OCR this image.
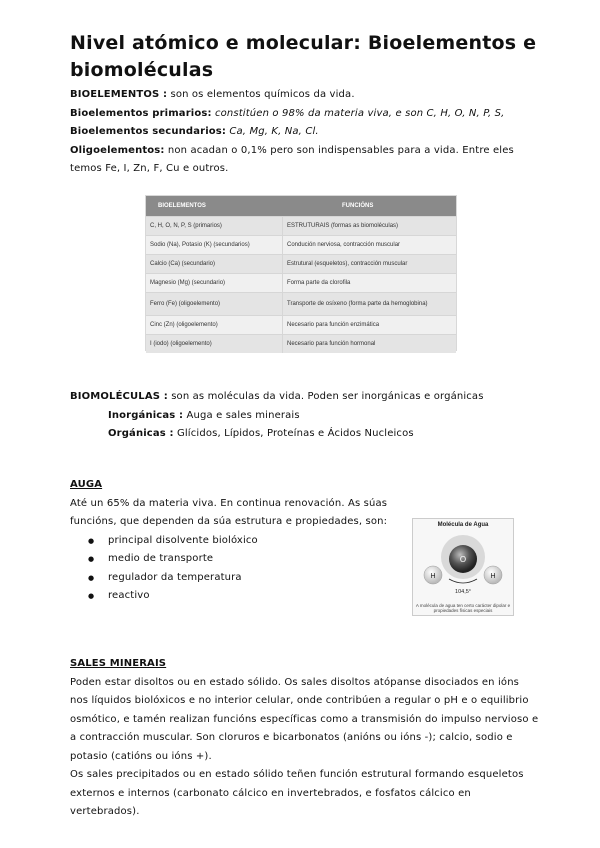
Nivel atómico e molecular: Bioelementos e biomoléculas
BIOELEMENTOS : son os elementos químicos da vida.
Bioelementos primarios: constitúen o 98% da materia viva, e son C, H, O, N, P, S,
Bioelementos secundarios: Ca, Mg, K, Na, Cl.
Oligoelementos: non acadan o 0,1% pero son indispensables para a vida. Entre eles
temos Fe, I, Zn, F, Cu e outros.
BIOELEMENTOS	FUNCIÓNS
C, H, O, N, P, S (primarios)	ESTRUTURAIS (formas as biomoléculas)
Sodio (Na), Potasio (K) (secundarios)	Condución nerviosa, contracción muscular
Calcio (Ca) (secundario)	Estrutural (esqueletos), contracción muscular
Magnesio (Mg) (secundario)	Forma parte da clorofila
Ferro (Fe) (oligoelemento)	Transporte de osíxeno (forma parte da hemoglobina)
Cinc (Zn) (oligoelemento)	Necesario para función enzimática
I (iodo) (oligoelemento)	Necesario para función hormonal
BIOMOLÉCULAS : son as moléculas da vida. Poden ser inorgánicas e orgánicas
Inorgánicas : Auga e sales minerais
Orgánicas : Glícidos, Lípidos, Proteínas e Ácidos Nucleicos
AUGA
Até un 65% da materia viva. En continua renovación. As súas
funcións, que dependen da súa estrutura e propiedades, son:
● principal disolvente biolóxico
● medio de transporte
● regulador da temperatura
● reactivo
Molécula de Agua
O
H	H
104,5°
A molécula de agua ten certo carácter dipolar e propiedades físicas especiais
SALES MINERAIS
Poden estar disoltos ou en estado sólido. Os sales disoltos atópanse disociados en ións
nos líquidos biolóxicos e no interior celular, onde contribúen a regular o pH e o equilibrio
osmótico, e tamén realizan funcións específicas como a transmisión do impulso nervioso e
a contracción muscular. Son cloruros e bicarbonatos (anións ou ións -); calcio, sodio e
potasio (catións ou ións +).
Os sales precipitados ou en estado sólido teñen función estrutural formando esqueletos
externos e internos (carbonato cálcico en invertebrados, e fosfatos cálcico en
vertebrados).
